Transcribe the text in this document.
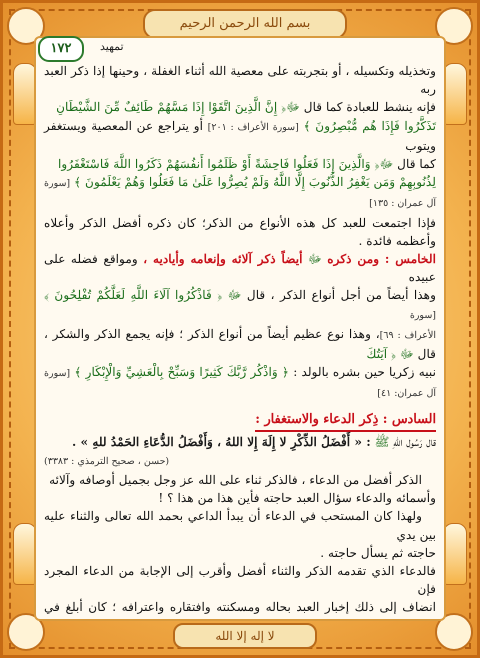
بسم الله الرحمن الرحيم
لا إله إلا الله

وتخذيله وتكسيله ، أو بتجربته على معصية الله أثناء الغفلة ، وحينها إذا ذكر العبد ربه

فإنه ينشط للعبادة كما قال ﷻ﴿ إِنَّ الَّذِينَ اتَّقَوْا إِذَا مَسَّهُمْ طَائِفٌ مِّنَ الشَّيْطَانِ

تَذَكَّرُوا فَإِذَا هُم مُّبْصِرُونَ ﴾ [سورة الأعراف : ٢٠١] أو يتراجع عن المعصية ويستغفر ويتوب

كما قال ﷻ﴿ وَالَّذِينَ إِذَا فَعَلُوا فَاحِشَةً أَوْ ظَلَمُوا أَنفُسَهُمْ ذَكَرُوا اللَّهَ فَاسْتَغْفَرُوا

لِذُنُوبِهِمْ وَمَن يَغْفِرُ الذُّنُوبَ إِلَّا اللَّهُ وَلَمْ يُصِرُّوا عَلَىٰ مَا فَعَلُوا وَهُمْ يَعْلَمُونَ ﴾ [سورة آل عمران : ١٣٥]

فإذا اجتمعت للعبد كل هذه الأنواع من الذكر؛ كان ذكره أفضل الذكر وأعلاه وأعظمه فائدة .

الخامس : ومن ذكره ﷻ أيضاً ذكر آلائه وإنعامه وأياديه ، ومواقع فضله على عبيده

وهذا أيضاً من أجل أنواع الذكر ، قال ﷻ ﴿ فَاذْكُرُوا آلَاءَ اللَّهِ لَعَلَّكُمْ تُفْلِحُونَ ﴾ [سورة

الأعراف : ٦٩]، وهذا نوع عظيم أيضاً من أنواع الذكر ؛ فإنه يجمع الذكر والشكر ، قال ﷻ ﴿ آيَتُكَ

نبيه زكريا حين بشره بالولد : ﴿ وَاذْكُر رَّبَّكَ كَثِيرًا وَسَبِّحْ بِالْعَشِيِّ وَالْإِبْكَارِ ﴾ [سورة آل عمران: ٤١]

السادس : ذِكر الدعاء والاستغفار :

قال رَسُول اللهِ ﷺ : « أَفْضَلُ الذِّكْرِ لا إِلَهَ إِلا اللهُ ، وَأَفْضَلُ الدُّعَاءِ الحَمْدُ للهِ » .

(حسن ، صحيح الترمذي : ٣٣٨٣)

الذكر أفضل من الدعاء ، فالذكر ثناء على الله عز وجل بجميل أوصافه وآلائه

وأسمائه والدعاء سؤال العبد حاجته فأين هذا من هذا ؟ !

ولهذا كان المستحب في الدعاء أن يبدأ الداعي بحمد الله تعالى والثناء عليه بين يدي

حاجته ثم يسأل حاجته .

فالدعاء الذي تقدمه الذكر والثناء أفضل وأقرب إلى الإجابة من الدعاء المجرد فإن

انضاف إلى ذلك إخبار العبد بحاله ومسكنته وافتقاره واعترافه ؛ كان أبلغ في

١٧٢	تمهيد
